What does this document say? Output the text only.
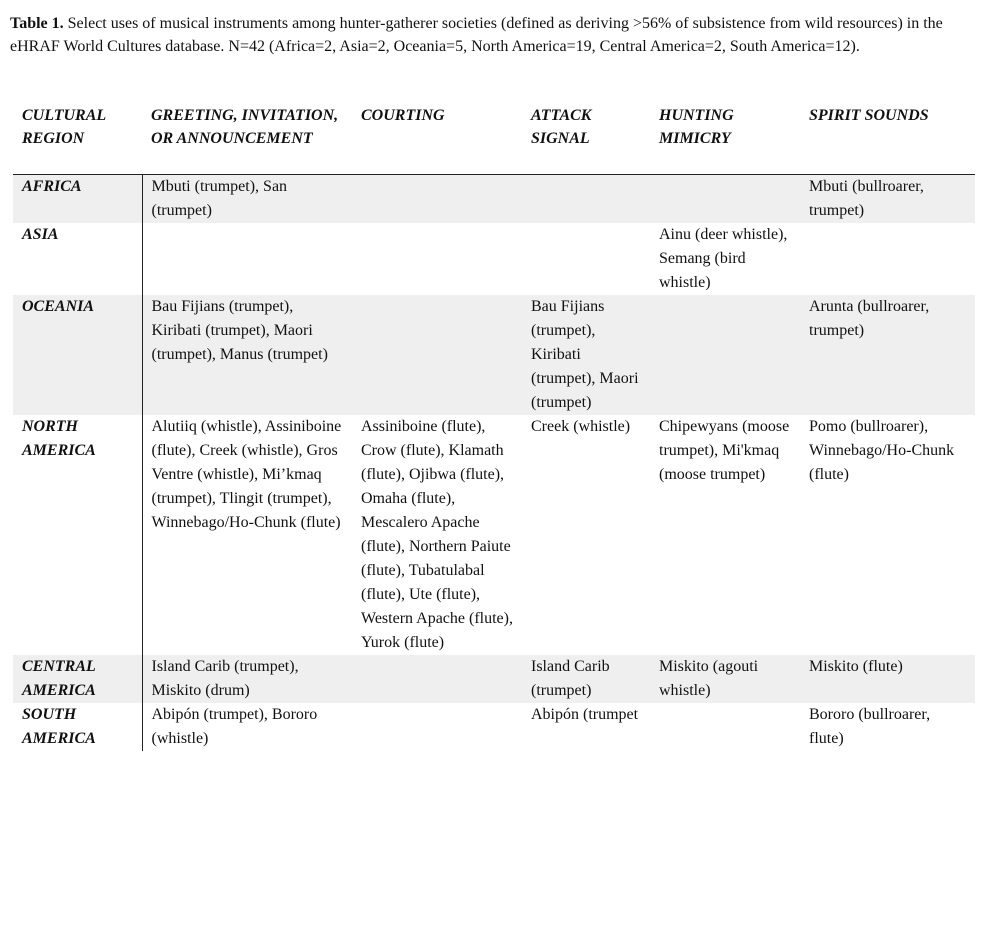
Table 1. Select uses of musical instruments among hunter-gatherer societies (defined as deriving >56% of subsistence from wild resources) in the eHRAF World Cultures database. N=42 (Africa=2, Asia=2, Oceania=5, North America=19, Central America=2, South America=12).

CULTURAL REGION	GREETING, INVITATION, OR ANNOUNCEMENT	COURTING	ATTACK SIGNAL	HUNTING MIMICRY	SPIRIT SOUNDS
AFRICA	Mbuti (trumpet), San (trumpet)				Mbuti (bullroarer, trumpet)
ASIA				Ainu (deer whistle), Semang (bird whistle)	
OCEANIA	Bau Fijians (trumpet), Kiribati (trumpet), Maori (trumpet), Manus (trumpet)		Bau Fijians (trumpet), Kiribati (trumpet), Maori (trumpet)		Arunta (bullroarer, trumpet)
NORTH AMERICA	Alutiiq (whistle), Assiniboine (flute), Creek (whistle), Gros Ventre (whistle), Mi’kmaq (trumpet), Tlingit (trumpet), Winnebago/Ho-Chunk (flute)	Assiniboine (flute), Crow (flute), Klamath (flute), Ojibwa (flute), Omaha (flute), Mescalero Apache (flute), Northern Paiute (flute), Tubatulabal (flute), Ute (flute), Western Apache (flute), Yurok (flute)	Creek (whistle)	Chipewyans (moose trumpet), Mi'kmaq (moose trumpet)	Pomo (bullroarer), Winnebago/Ho-Chunk (flute)
CENTRAL AMERICA	Island Carib (trumpet), Miskito (drum)		Island Carib (trumpet)	Miskito (agouti whistle)	Miskito (flute)
SOUTH AMERICA	Abipón (trumpet), Bororo (whistle)		Abipón (trumpet		Bororo (bullroarer, flute)
